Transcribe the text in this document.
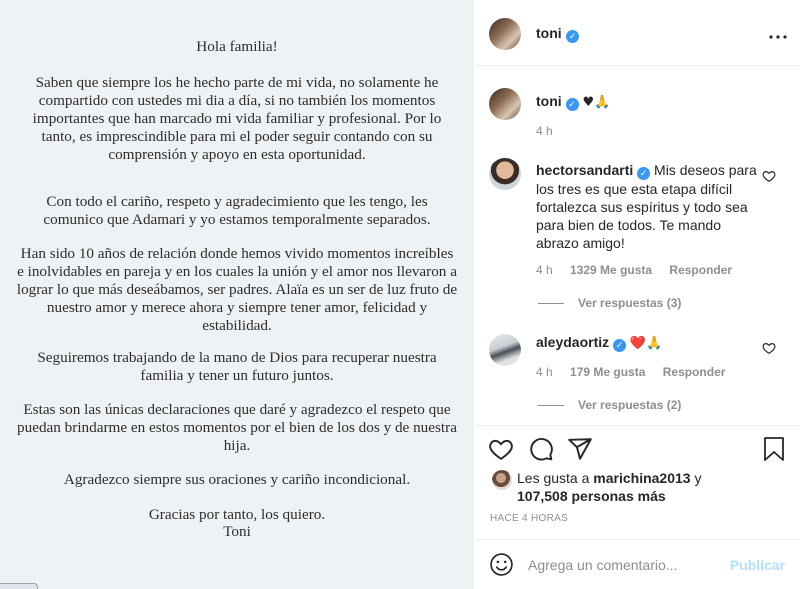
Hola familia!
Saben que siempre los he hecho parte de mi vida, no solamente he compartido con ustedes mi dia a día, si no también los momentos importantes que han marcado mi vida familiar y profesional. Por lo tanto, es imprescindible para mi el poder seguir contando con su comprensión y apoyo en esta oportunidad.
Con todo el cariño, respeto y agradecimiento que les tengo, les comunico que Adamari y yo estamos temporalmente separados.
Han sido 10 años de relación donde hemos vivido momentos increíbles e inolvidables en pareja y en los cuales la unión y el amor nos llevaron a lograr lo que más deseábamos, ser padres. Alaïa es un ser de luz fruto de nuestro amor y merece ahora y siempre tener amor, felicidad y estabilidad.
Seguiremos trabajando de la mano de Dios para recuperar nuestra familia y tener un futuro juntos.
Estas son las únicas declaraciones que daré y agradezco el respeto que puedan brindarme en estos momentos por el bien de los dos y de nuestra hija.
Agradezco siempre sus oraciones y cariño incondicional.
Gracias por tanto, los quiero.
Toni
toni ✓
toni ✓ ♥🙏
4 h
hectorsandarti ✓ Mis deseos para los tres es que esta etapa difícil fortalezca sus espíritus y todo sea para bien de todos. Te mando abrazo amigo!
4 h 1329 Me gusta Responder
Ver respuestas (3)
aleydaortiz ✓ ❤️🙏
4 h 179 Me gusta Responder
Ver respuestas (2)
Les gusta a marichina2013 y
107,508 personas más
HACE 4 HORAS
Agrega un comentario...
Publicar
